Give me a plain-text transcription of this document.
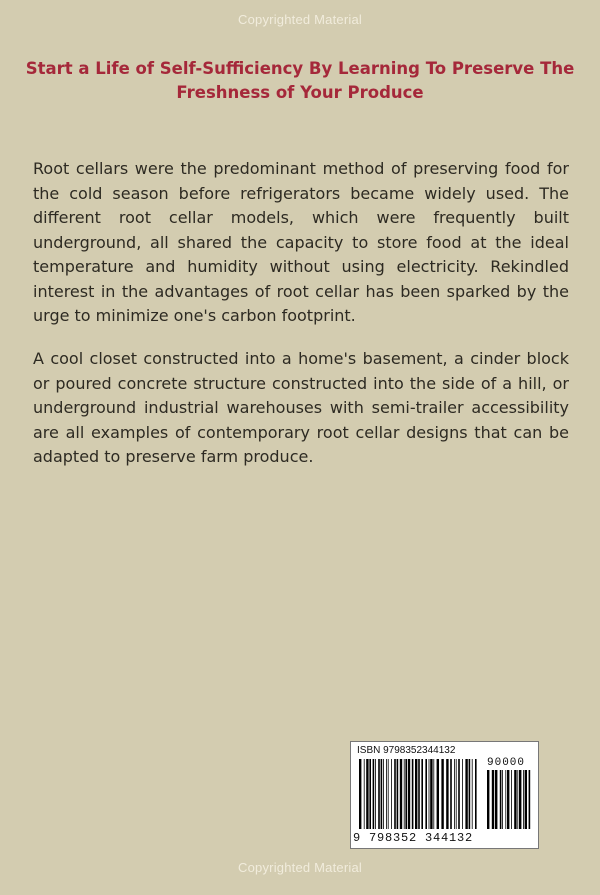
Copyrighted Material
Start a Life of Self-Sufficiency By Learning To Preserve The
Freshness of Your Produce
Root cellars were the predominant method of preserving food for the cold season before refrigerators became widely used. The different root cellar models, which were frequently built underground, all shared the capacity to store food at the ideal temperature and humidity without using electricity. Rekindled interest in the advantages of root cellar has been sparked by the urge to minimize one's carbon footprint.
A cool closet constructed into a home's basement, a cinder block or poured concrete structure constructed into the side of a hill, or underground industrial warehouses with semi-trailer accessibility are all examples of contemporary root cellar designs that can be adapted to preserve farm produce.
ISBN 9798352344132
90000
9 798352 344132
Copyrighted Material
